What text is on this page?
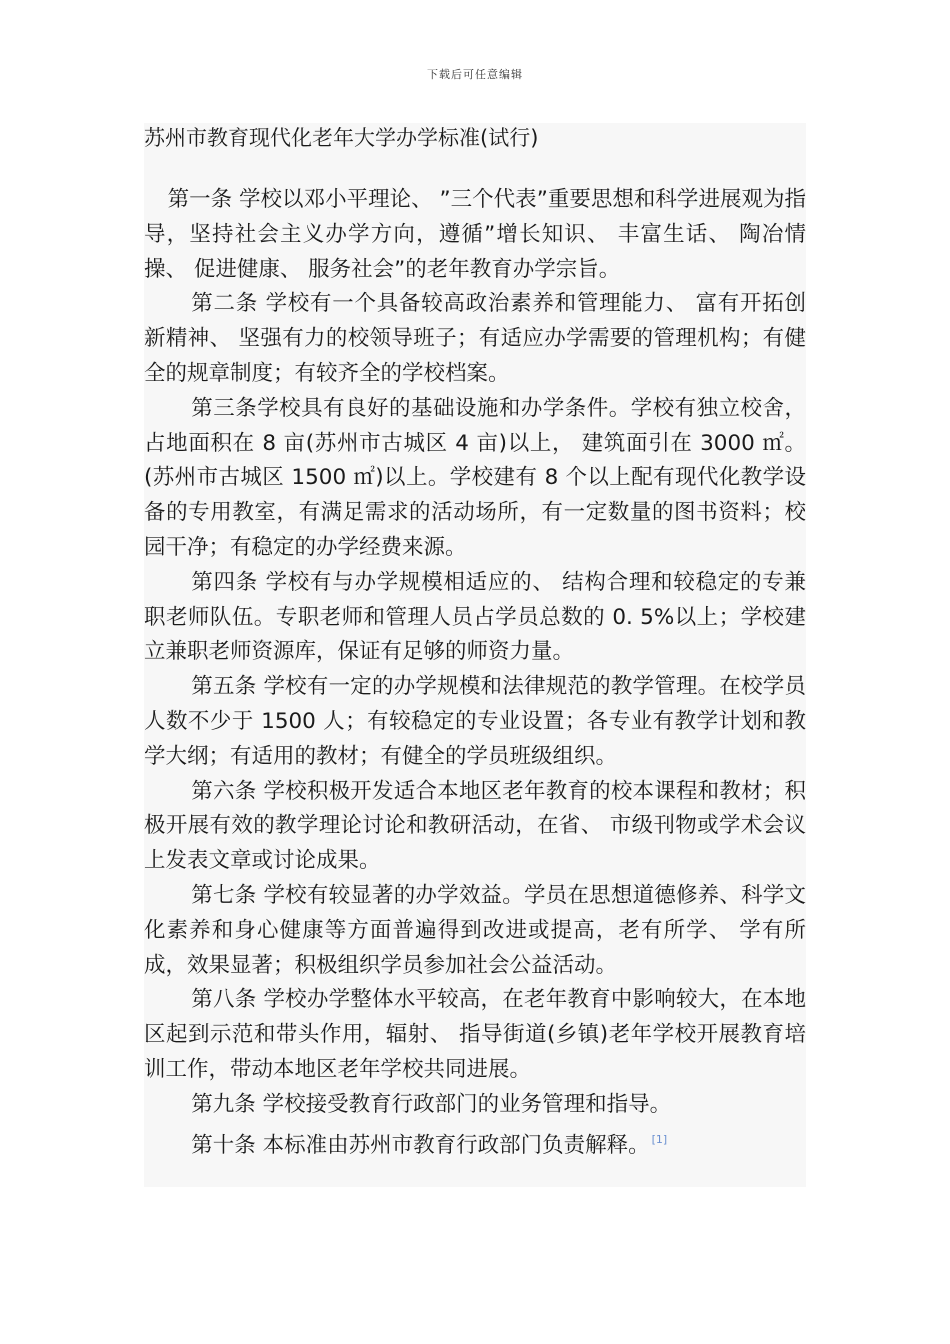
下载后可任意编辑
苏州市教育现代化老年大学办学标准(试行)

第一条 学校以邓小平理论、 ”三个代表”重要思想和科学进展观为指导，坚持社会主义办学方向，遵循”增长知识、 丰富生话、 陶冶情操、 促进健康、 服务社会”的老年教育办学宗旨。

第二条 学校有一个具备较高政治素养和管理能力、 富有开拓创新精神、 坚强有力的校领导班子；有适应办学需要的管理机构；有健全的规章制度；有较齐全的学校档案。

第三条学校具有良好的基础设施和办学条件。学校有独立校舍，占地面积在 8 亩(苏州市古城区 4 亩)以上， 建筑面引在 3000 ㎡。(苏州市古城区 1500 ㎡)以上。学校建有 8 个以上配有现代化教学设备的专用教室，有满足需求的活动场所，有一定数量的图书资料；校园干净；有稳定的办学经费来源。

第四条 学校有与办学规模相适应的、 结构合理和较稳定的专兼职老师队伍。专职老师和管理人员占学员总数的 0. 5%以上；学校建立兼职老师资源库，保证有足够的师资力量。

第五条 学校有一定的办学规模和法律规范的教学管理。在校学员人数不少于 1500 人；有较稳定的专业设置；各专业有教学计划和教学大纲；有适用的教材；有健全的学员班级组织。

第六条 学校积极开发适合本地区老年教育的校本课程和教材；积极开展有效的教学理论讨论和教研活动，在省、 市级刊物或学术会议上发表文章或讨论成果。

第七条 学校有较显著的办学效益。学员在思想道德修养、科学文化素养和身心健康等方面普遍得到改进或提高，老有所学、 学有所成，效果显著；积极组织学员参加社会公益活动。

第八条 学校办学整体水平较高，在老年教育中影响较大，在本地区起到示范和带头作用，辐射、 指导街道(乡镇)老年学校开展教育培训工作，带动本地区老年学校共同进展。

第九条 学校接受教育行政部门的业务管理和指导。

第十条 本标准由苏州市教育行政部门负责解释。 [1]
